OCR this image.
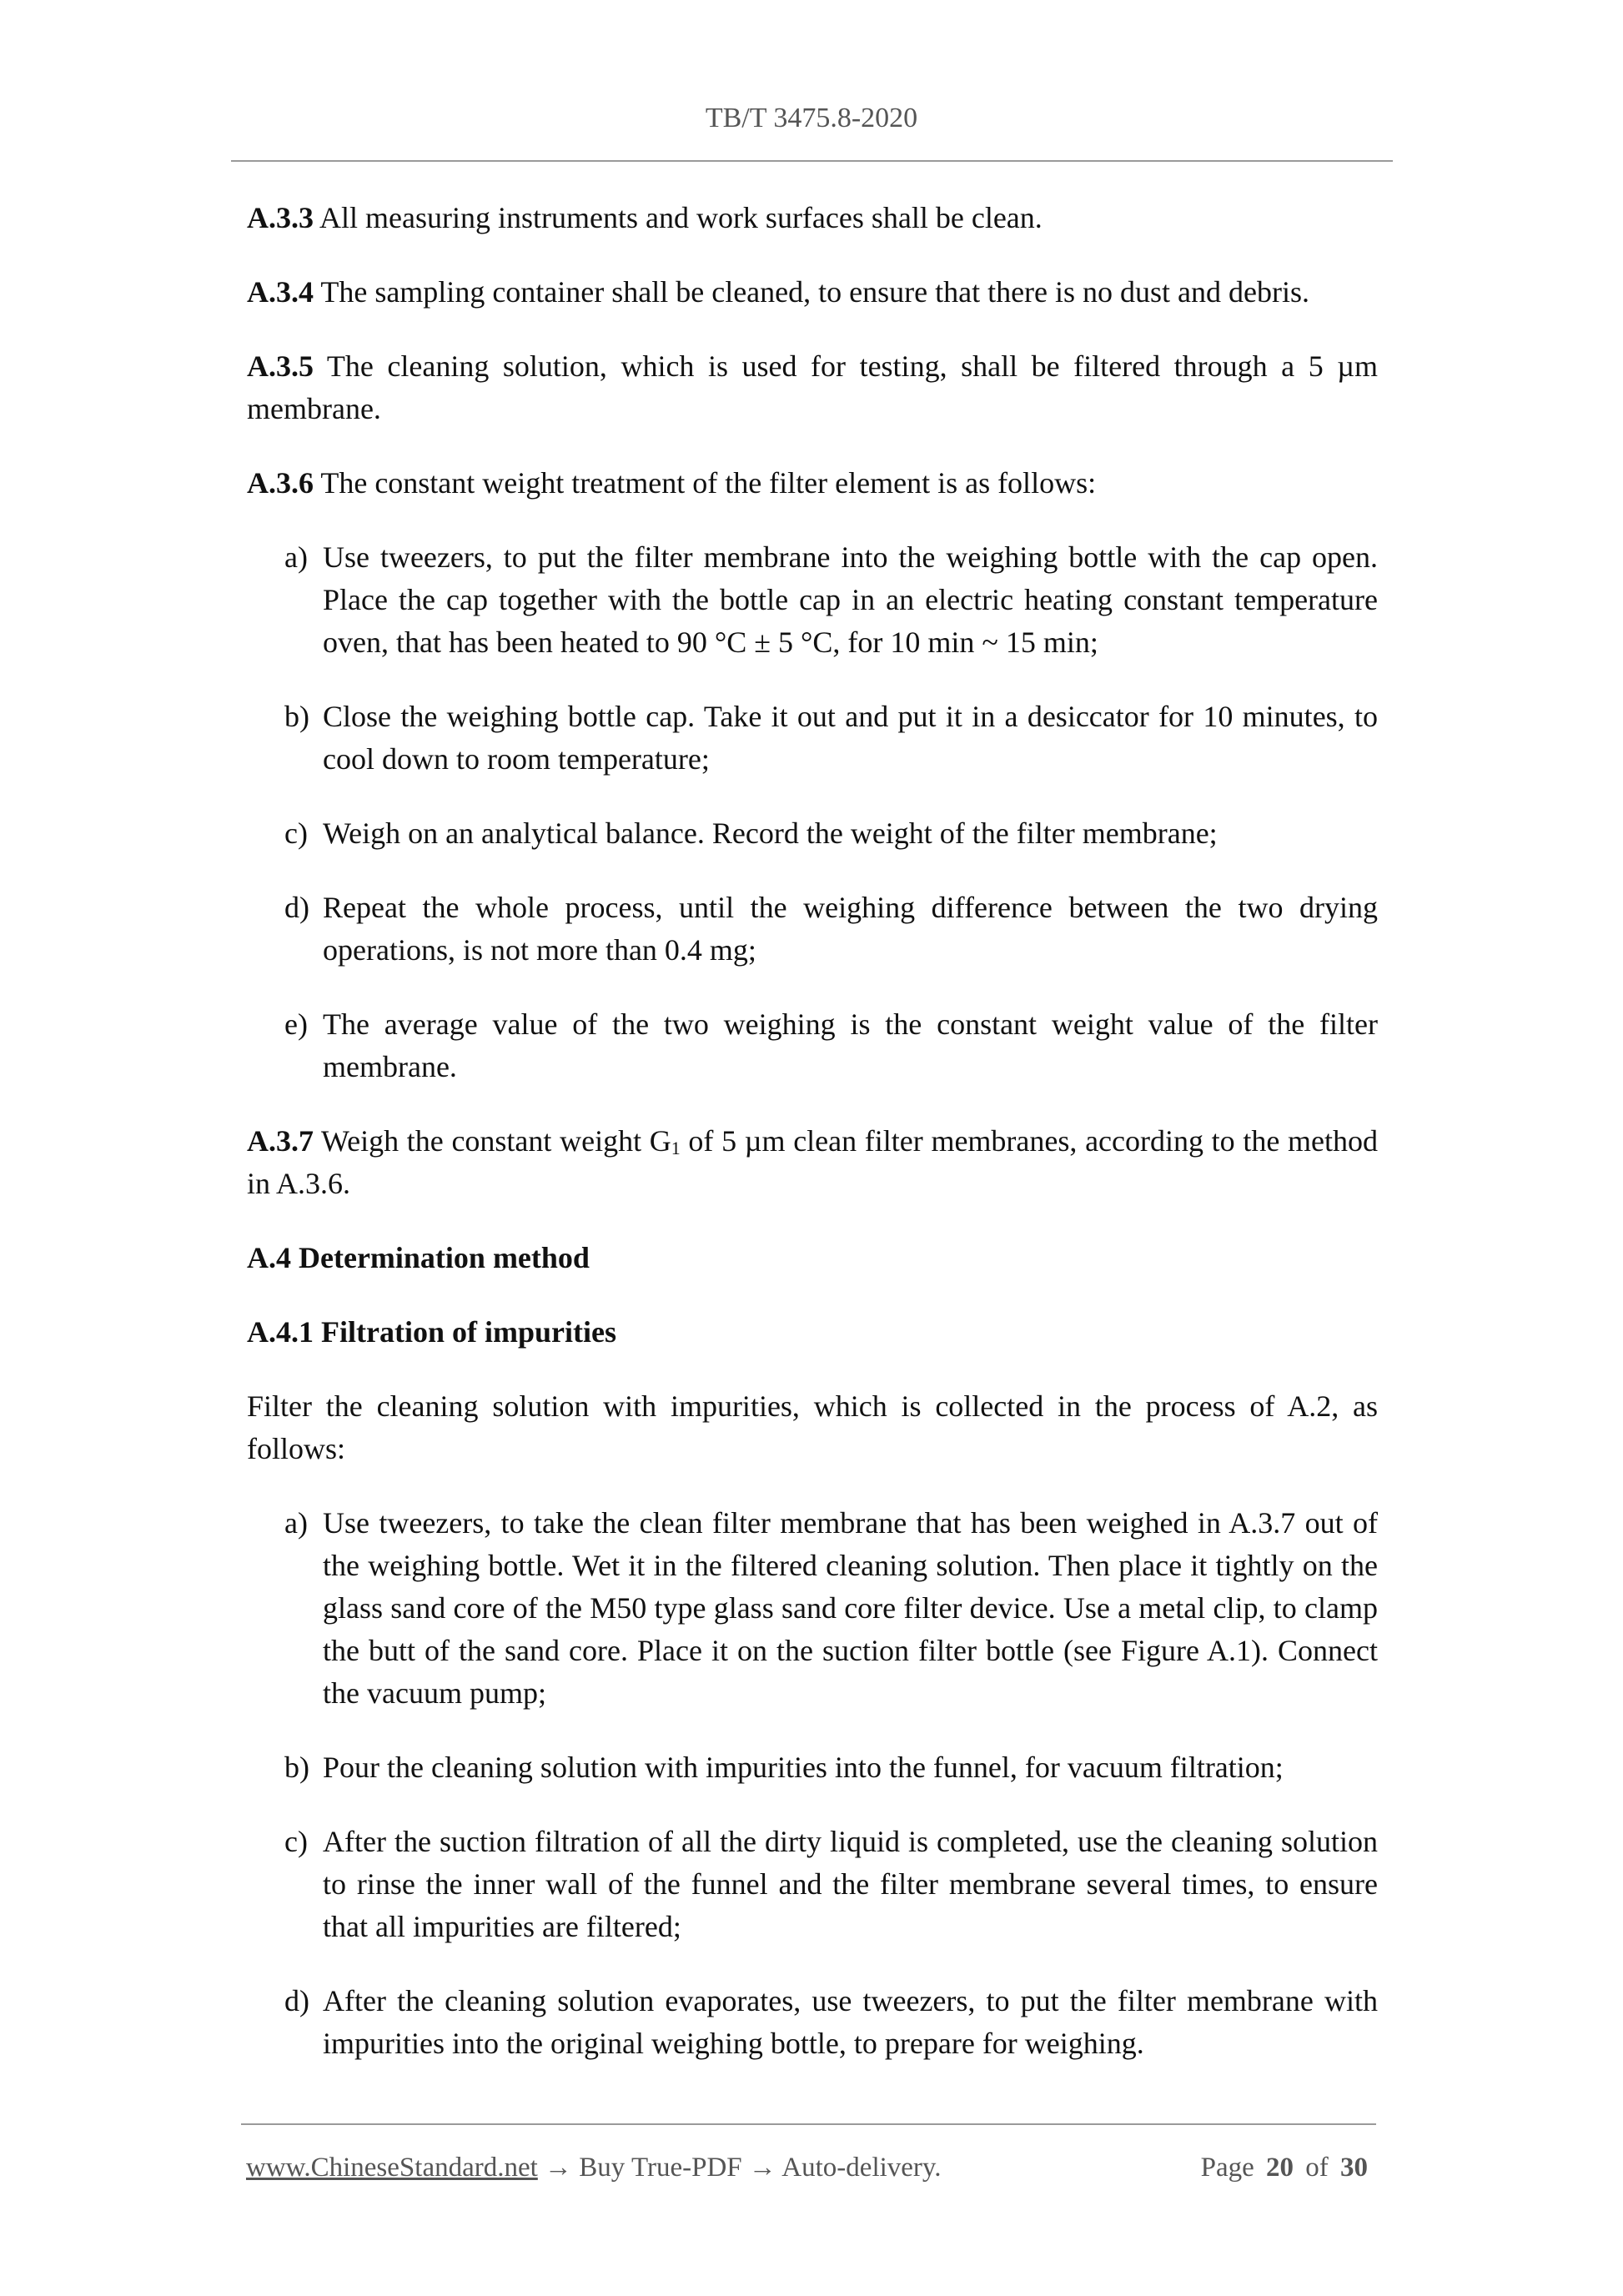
TB/T 3475.8-2020

A.3.3 All measuring instruments and work surfaces shall be clean.

A.3.4 The sampling container shall be cleaned, to ensure that there is no dust and debris.

A.3.5 The cleaning solution, which is used for testing, shall be filtered through a 5 µm membrane.

A.3.6 The constant weight treatment of the filter element is as follows:

a) Use tweezers, to put the filter membrane into the weighing bottle with the cap open. Place the cap together with the bottle cap in an electric heating constant temperature oven, that has been heated to 90 °C ± 5 °C, for 10 min ~ 15 min;

b) Close the weighing bottle cap. Take it out and put it in a desiccator for 10 minutes, to cool down to room temperature;

c) Weigh on an analytical balance. Record the weight of the filter membrane;

d) Repeat the whole process, until the weighing difference between the two drying operations, is not more than 0.4 mg;

e) The average value of the two weighing is the constant weight value of the filter membrane.

A.3.7 Weigh the constant weight $G_1$ of 5 µm clean filter membranes, according to the method in A.3.6.

A.4 Determination method

A.4.1 Filtration of impurities

Filter the cleaning solution with impurities, which is collected in the process of A.2, as follows:

a) Use tweezers, to take the clean filter membrane that has been weighed in A.3.7 out of the weighing bottle. Wet it in the filtered cleaning solution. Then place it tightly on the glass sand core of the M50 type glass sand core filter device. Use a metal clip, to clamp the butt of the sand core. Place it on the suction filter bottle (see Figure A.1). Connect the vacuum pump;

b) Pour the cleaning solution with impurities into the funnel, for vacuum filtration;

c) After the suction filtration of all the dirty liquid is completed, use the cleaning solution to rinse the inner wall of the funnel and the filter membrane several times, to ensure that all impurities are filtered;

d) After the cleaning solution evaporates, use tweezers, to put the filter membrane with impurities into the original weighing bottle, to prepare for weighing.

www.ChineseStandard.net → Buy True-PDF → Auto-delivery.	Page 20 of 30
